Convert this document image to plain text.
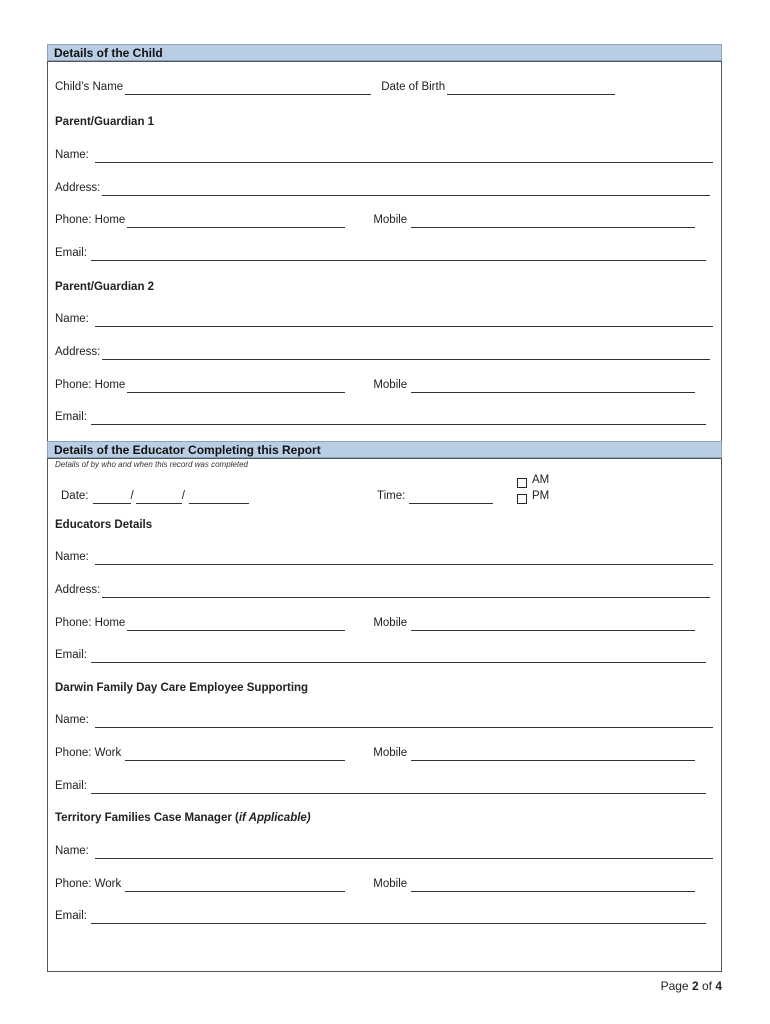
Details of the Child
Child’s Name	Date of Birth
Parent/Guardian 1
Name:
Address:
Phone: Home	Mobile
Email:
Parent/Guardian 2
Name:
Address:
Phone: Home	Mobile
Email:
Details of the Educator Completing this Report
Details of by who and when this record was completed
Date:	/	/	Time:
AM
PM
Educators Details
Name:
Address:
Phone: Home	Mobile
Email:
Darwin Family Day Care Employee Supporting
Name:
Phone: Work	Mobile
Email:
Territory Families Case Manager ( if Applicable)
Name:
Phone: Work	Mobile
Email:
Page 2 of 4
